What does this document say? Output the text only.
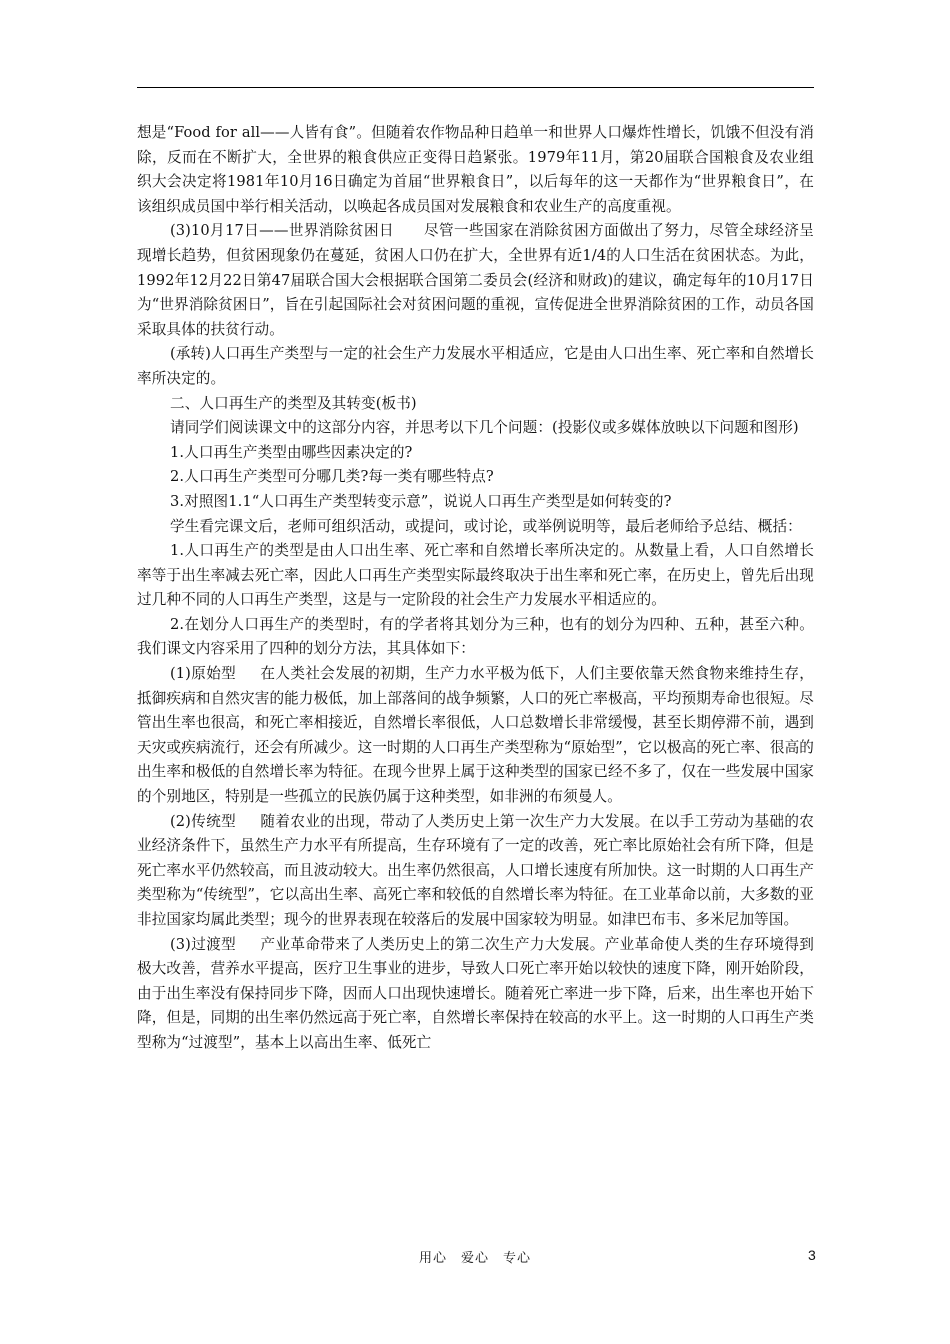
想是“Food for all——人皆有食”。但随着农作物品种日趋单一和世界人口爆炸性增长，饥饿不但没有消除，反而在不断扩大，全世界的粮食供应正变得日趋紧张。1979年11月，第20届联合国粮食及农业组织大会决定将1981年10月16日确定为首届“世界粮食日”，以后每年的这一天都作为“世界粮食日”，在该组织成员国中举行相关活动，以唤起各成员国对发展粮食和农业生产的高度重视。

(3)10月17日——世界消除贫困日　　尽管一些国家在消除贫困方面做出了努力，尽管全球经济呈现增长趋势，但贫困现象仍在蔓延，贫困人口仍在扩大，全世界有近1/4的人口生活在贫困状态。为此，1992年12月22日第47届联合国大会根据联合国第二委员会(经济和财政)的建议，确定每年的10月17日为“世界消除贫困日”，旨在引起国际社会对贫困问题的重视，宣传促进全世界消除贫困的工作，动员各国采取具体的扶贫行动。

(承转)人口再生产类型与一定的社会生产力发展水平相适应，它是由人口出生率、死亡率和自然增长率所决定的。

二、人口再生产的类型及其转变(板书)

请同学们阅读课文中的这部分内容，并思考以下几个问题：(投影仪或多媒体放映以下问题和图形)

1.人口再生产类型由哪些因素决定的?

2.人口再生产类型可分哪几类?每一类有哪些特点?

3.对照图1.1“人口再生产类型转变示意”，说说人口再生产类型是如何转变的?

学生看完课文后，老师可组织活动，或提问，或讨论，或举例说明等，最后老师给予总结、概括：

1.人口再生产的类型是由人口出生率、死亡率和自然增长率所决定的。从数量上看，人口自然增长率等于出生率减去死亡率，因此人口再生产类型实际最终取决于出生率和死亡率，在历史上，曾先后出现过几种不同的人口再生产类型，这是与一定阶段的社会生产力发展水平相适应的。

2.在划分人口再生产的类型时，有的学者将其划分为三种，也有的划分为四种、五种，甚至六种。我们课文内容采用了四种的划分方法，其具体如下：

(1)原始型 在人类社会发展的初期，生产力水平极为低下，人们主要依靠天然食物来维持生存，抵御疾病和自然灾害的能力极低，加上部落间的战争频繁，人口的死亡率极高，平均预期寿命也很短。尽管出生率也很高，和死亡率相接近，自然增长率很低，人口总数增长非常缓慢，甚至长期停滞不前，遇到天灾或疾病流行，还会有所减少。这一时期的人口再生产类型称为“原始型”，它以极高的死亡率、很高的出生率和极低的自然增长率为特征。在现今世界上属于这种类型的国家已经不多了，仅在一些发展中国家的个别地区，特别是一些孤立的民族仍属于这种类型，如非洲的布须曼人。

(2)传统型 随着农业的出现，带动了人类历史上第一次生产力大发展。在以手工劳动为基础的农业经济条件下，虽然生产力水平有所提高，生存环境有了一定的改善，死亡率比原始社会有所下降，但是死亡率水平仍然较高，而且波动较大。出生率仍然很高，人口增长速度有所加快。这一时期的人口再生产类型称为“传统型”，它以高出生率、高死亡率和较低的自然增长率为特征。在工业革命以前，大多数的亚非拉国家均属此类型；现今的世界表现在较落后的发展中国家较为明显。如津巴布韦、多米尼加等国。

(3)过渡型 产业革命带来了人类历史上的第二次生产力大发展。产业革命使人类的生存环境得到极大改善，营养水平提高，医疗卫生事业的进步，导致人口死亡率开始以较快的速度下降，刚开始阶段，由于出生率没有保持同步下降，因而人口出现快速增长。随着死亡率进一步下降，后来，出生率也开始下降，但是，同期的出生率仍然远高于死亡率，自然增长率保持在较高的水平上。这一时期的人口再生产类型称为“过渡型”，基本上以高出生率、低死亡

用心　爱心　专心	3
